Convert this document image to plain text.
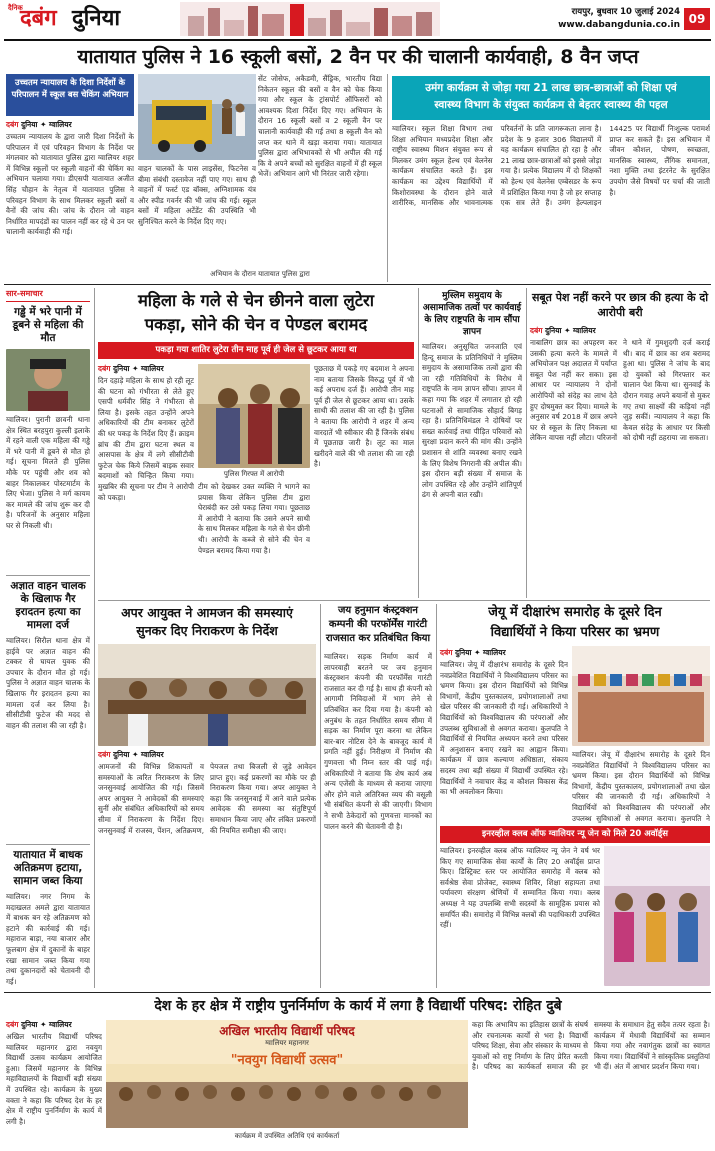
दैनिक
दबंग दुनिया	रायपुर, बुधवार 10 जुलाई 2024
www.dabangdunia.co.in 09
यातायात पुलिस ने 16 स्कूली बसों, 2 वैन पर की चालानी कार्यवाही, 8 वैन जप्त
उच्चतम न्यायालय के दिशा निर्देशों के परिपालन में स्कूल बस चेकिंग अभियान
दबंग दुनिया ✦ ग्वालियर
उच्चतम न्यायालय के द्वारा जारी दिशा निर्देशों के परिपालन में एवं परिवहन विभाग के निर्देश पर मंगलवार को यातायात पुलिस द्वारा ग्वालियर शहर में विभिन्न स्कूलों पर स्कूली वाहनों की चेकिंग का अभियान चलाया गया। डीएसपी यातायात अजीत सिंह चौहान के नेतृत्व में यातायात पुलिस ने परिवहन विभाग के साथ मिलकर स्कूली बसों व वैनों की जांच की। जांच के दौरान जो वाहन निर्धारित मापदंडों का पालन नहीं कर रहे थे उन पर चालानी कार्यवाही की गई।
सेंट जोसेफ, अकैडमी, सैंड्रिक, भारतीय विद्या निकेतन स्कूल की बसों व वैन को चेक किया गया और स्कूल के ट्रांसपोर्ट ऑफिसरों को आवश्यक दिशा निर्देश दिए गए। अभियान के दौरान 16 स्कूली बसों व 2 स्कूली वैन पर चालानी कार्यवाही की गई तथा 8 स्कूली वैन को जप्त कर थाने में खड़ा कराया गया। यातायात पुलिस द्वारा अभिभावकों से भी अपील की गई कि वे अपने बच्चों को सुरक्षित वाहनों में ही स्कूल भेजें। अभियान आगे भी निरंतर जारी रहेगा।
वाहन चालकों के पास लाइसेंस, फिटनेस व बीमा संबंधी दस्तावेज नहीं पाए गए। साथ ही वाहनों में फर्स्ट एड बॉक्स, अग्निशामक यंत्र और स्पीड गवर्नर की भी जांच की गई। स्कूल बसों में महिला अटेंडेंट की उपस्थिति भी सुनिश्चित करने के निर्देश दिए गए।
अभियान के दौरान यातायात पुलिस द्वारा
उमंग कार्यक्रम से जोड़ा गया 21 लाख छात्र-छात्राओं को शिक्षा एवं
स्वास्थ्य विभाग के संयुक्त कार्यक्रम से बेहतर स्वास्थ्य की पहल
ग्वालियर। स्कूल शिक्षा विभाग तथा शिक्षा अभियान मध्यप्रदेश शिक्षा और राष्ट्रीय स्वास्थ्य मिशन संयुक्त रूप से मिलकर उमंग स्कूल हेल्थ एवं वेलनेस कार्यक्रम संचालित करते हैं। इस कार्यक्रम का उद्देश्य विद्यार्थियों में किशोरावस्था के दौरान होने वाले शारीरिक, मानसिक और भावनात्मक परिवर्तनों के प्रति जागरूकता लाना है। प्रदेश के 9 हजार 306 विद्यालयों में यह कार्यक्रम संचालित हो रहा है और 21 लाख छात्र-छात्राओं को इससे जोड़ा गया है। प्रत्येक विद्यालय में दो शिक्षकों को हेल्थ एवं वेलनेस एम्बेसडर के रूप में प्रशिक्षित किया गया है जो हर सप्ताह एक सत्र लेते हैं। उमंग हेल्पलाइन 14425 पर विद्यार्थी निःशुल्क परामर्श प्राप्त कर सकते हैं। इस अभियान में जीवन कौशल, पोषण, स्वच्छता, मानसिक स्वास्थ्य, लैंगिक समानता, नशा मुक्ति तथा इंटरनेट के सुरक्षित उपयोग जैसे विषयों पर चर्चा की जाती है।
सार-समाचार
गड्ढे में भरे पानी में डूबने से महिला की मौत
ग्वालियर। पुरानी छावनी थाना क्षेत्र स्थित बरहपुरा कुल्ली इलाके में रहने वाली एक महिला की गड्ढे में भरे पानी में डूबने से मौत हो गई। सूचना मिलते ही पुलिस मौके पर पहुंची और शव को बाहर निकालकर पोस्टमार्टम के लिए भेजा। पुलिस ने मर्ग कायम कर मामले की जांच शुरू कर दी है। परिजनों के अनुसार महिला घर से निकली थी।
अज्ञात वाहन चालक के खिलाफ गैर इरादतन हत्या का मामला दर्ज
ग्वालियर। सिरौल थाना क्षेत्र में हाईवे पर अज्ञात वाहन की टक्कर से घायल युवक की उपचार के दौरान मौत हो गई। पुलिस ने अज्ञात वाहन चालक के खिलाफ गैर इरादतन हत्या का मामला दर्ज कर लिया है। सीसीटीवी फुटेज की मदद से वाहन की तलाश की जा रही है।
यातायात में बाधक अतिक्रमण हटाया, सामान जब्त किया
ग्वालियर। नगर निगम के मदाखलत अमले द्वारा यातायात में बाधक बन रहे अतिक्रमण को हटाने की कार्रवाई की गई। महाराज बाड़ा, नया बाजार और फूलबाग क्षेत्र में दुकानों के बाहर रखा सामान जब्त किया गया तथा दुकानदारों को चेतावनी दी गई।
महिला के गले से चेन छीनने वाला लुटेरा
पकड़ा, सोने की चेन व पेण्डल बरामद
पकड़ा गया शातिर लुटेरा तीन माह पूर्व ही जेल से छूटकर आया था
दबंग दुनिया ✦ ग्वालियर
दिन दहाड़े महिला के साथ हो रही लूट की घटना को गंभीरता से लेते हुए एसपी धर्मवीर सिंह ने गंभीरता से लिया है। इसके तहत उन्होंने अपने अधिकारियों की टीम बनाकर लुटेरों की धर पकड़ के निर्देश दिए हैं। क्राइम ब्रांच की टीम द्वारा घटना स्थल व आसपास के क्षेत्र में लगे सीसीटीवी फुटेज चेक किये जिसमें बाइक सवार बदमाशों को चिन्हित किया गया। मुखबिर की सूचना पर टीम ने आरोपी को पकड़ा।
पुलिस गिरफ्त में आरोपी
टीम को देखकर उक्त व्यक्ति ने भागने का प्रयास किया लेकिन पुलिस टीम द्वारा घेराबंदी कर उसे पकड़ लिया गया। पूछताछ में आरोपी ने बताया कि उसने अपने साथी के साथ मिलकर महिला के गले से चेन छीनी थी। आरोपी के कब्जे से सोने की चेन व पेण्डल बरामद किया गया है।
पूछताछ में पकड़े गए बदमाश ने अपना नाम बताया जिसके विरुद्ध पूर्व में भी कई अपराध दर्ज हैं। आरोपी तीन माह पूर्व ही जेल से छूटकर आया था। उसके साथी की तलाश की जा रही है। पुलिस ने बताया कि आरोपी ने शहर में अन्य वारदातें भी स्वीकार की हैं जिनके संबंध में पूछताछ जारी है। लूट का माल खरीदने वाले की भी तलाश की जा रही है।
मुस्लिम समुदाय के असामाजिक तत्वों पर कार्यवाई के लिए राष्ट्रपति के नाम सौंपा ज्ञापन
ग्वालियर। अनुसूचित जनजाति एवं हिन्दू समाज के प्रतिनिधियों ने मुस्लिम समुदाय के असामाजिक तत्वों द्वारा की जा रही गतिविधियों के विरोध में राष्ट्रपति के नाम ज्ञापन सौंपा। ज्ञापन में कहा गया कि शहर में लगातार हो रही घटनाओं से सामाजिक सौहार्द बिगड़ रहा है। प्रतिनिधिमंडल ने दोषियों पर सख्त कार्रवाई तथा पीड़ित परिवारों को सुरक्षा प्रदान करने की मांग की। उन्होंने प्रशासन से शांति व्यवस्था बनाए रखने के लिए विशेष निगरानी की अपील की। इस दौरान बड़ी संख्या में समाज के लोग उपस्थित रहे और उन्होंने शांतिपूर्ण ढंग से अपनी बात रखी।
सबूत पेश नहीं करने पर छात्र की हत्या के दो आरोपी बरी
दबंग दुनिया ✦ ग्वालियर
नाबालिग छात्र का अपहरण कर उसकी हत्या करने के मामले में अभियोजन पक्ष अदालत में पर्याप्त सबूत पेश नहीं कर सका। इस आधार पर न्यायालय ने दोनों आरोपियों को संदेह का लाभ देते हुए दोषमुक्त कर दिया। मामले के अनुसार वर्ष 2018 में छात्र अपने घर से स्कूल के लिए निकला था लेकिन वापस नहीं लौटा। परिजनों ने थाने में गुमशुदगी दर्ज कराई थी। बाद में छात्र का शव बरामद हुआ था। पुलिस ने जांच के बाद दो युवकों को गिरफ्तार कर चालान पेश किया था। सुनवाई के दौरान गवाह अपने बयानों से मुकर गए तथा साक्ष्यों की कड़ियां नहीं जुड़ सकीं। न्यायालय ने कहा कि केवल संदेह के आधार पर किसी को दोषी नहीं ठहराया जा सकता।
अपर आयुक्त ने आमजन की समस्याएं
सुनकर दिए निराकरण के निर्देश
दबंग दुनिया ✦ ग्वालियर
आमजनों की विभिन्न शिकायतों व समस्याओं के त्वरित निराकरण के लिए जनसुनवाई आयोजित की गई। जिसमें अपर आयुक्त ने आवेदकों की समस्याएं सुनीं और संबंधित अधिकारियों को समय सीमा में निराकरण के निर्देश दिए। जनसुनवाई में राजस्व, पेंशन, अतिक्रमण, पेयजल तथा बिजली से जुड़े आवेदन प्राप्त हुए। कई प्रकरणों का मौके पर ही निराकरण किया गया। अपर आयुक्त ने कहा कि जनसुनवाई में आने वाले प्रत्येक आवेदक की समस्या का संतुष्टिपूर्ण समाधान किया जाए और लंबित प्रकरणों की नियमित समीक्षा की जाए।
जय हनुमान कंस्ट्रक्शन
कम्पनी की परफॉर्मेंस गारंटी
राजसात कर प्रतिबंधित किया
ग्वालियर। सड़क निर्माण कार्य में लापरवाही बरतने पर जय हनुमान कंस्ट्रक्शन कंपनी की परफॉर्मेंस गारंटी राजसात कर दी गई है। साथ ही कंपनी को आगामी निविदाओं में भाग लेने से प्रतिबंधित कर दिया गया है। कंपनी को अनुबंध के तहत निर्धारित समय सीमा में सड़क का निर्माण पूरा करना था लेकिन बार-बार नोटिस देने के बावजूद कार्य में प्रगति नहीं हुई। निरीक्षण में निर्माण की गुणवत्ता भी निम्न स्तर की पाई गई। अधिकारियों ने बताया कि शेष कार्य अब अन्य एजेंसी के माध्यम से कराया जाएगा और होने वाले अतिरिक्त व्यय की वसूली भी संबंधित कंपनी से की जाएगी। विभाग ने सभी ठेकेदारों को गुणवत्ता मानकों का पालन करने की चेतावनी दी है।
जेयू में दीक्षारंभ समारोह के दूसरे दिन
विद्यार्थियों ने किया परिसर का भ्रमण
दबंग दुनिया ✦ ग्वालियर
ग्वालियर। जेयू में दीक्षारंभ समारोह के दूसरे दिन नवप्रवेशित विद्यार्थियों ने विश्वविद्यालय परिसर का भ्रमण किया। इस दौरान विद्यार्थियों को विभिन्न विभागों, केंद्रीय पुस्तकालय, प्रयोगशालाओं तथा खेल परिसर की जानकारी दी गई। अधिकारियों ने विद्यार्थियों को विश्वविद्यालय की परंपराओं और उपलब्ध सुविधाओं से अवगत कराया। कुलपति ने विद्यार्थियों से नियमित अध्ययन करने तथा परिसर में अनुशासन बनाए रखने का आह्वान किया। कार्यक्रम में छात्र कल्याण अधिष्ठाता, संकाय सदस्य तथा बड़ी संख्या में विद्यार्थी उपस्थित रहे। विद्यार्थियों ने नवाचार केंद्र व कौशल विकास केंद्र का भी अवलोकन किया।
ग्वालियर। जेयू में दीक्षारंभ समारोह के दूसरे दिन नवप्रवेशित विद्यार्थियों ने विश्वविद्यालय परिसर का भ्रमण किया। इस दौरान विद्यार्थियों को विभिन्न विभागों, केंद्रीय पुस्तकालय, प्रयोगशालाओं तथा खेल परिसर की जानकारी दी गई। अधिकारियों ने विद्यार्थियों को विश्वविद्यालय की परंपराओं और उपलब्ध सुविधाओं से अवगत कराया। कुलपति ने
इनरव्हील क्लब ऑफ ग्वालियर न्यू जेन को मिले 20 अवॉर्ड्स
ग्वालियर। इनरव्हील क्लब ऑफ ग्वालियर न्यू जेन ने वर्ष भर किए गए सामाजिक सेवा कार्यों के लिए 20 अवॉर्ड्स प्राप्त किए। डिस्ट्रिक्ट स्तर पर आयोजित समारोह में क्लब को सर्वश्रेष्ठ सेवा प्रोजेक्ट, स्वास्थ्य शिविर, शिक्षा सहायता तथा पर्यावरण संरक्षण श्रेणियों में सम्मानित किया गया। क्लब अध्यक्ष ने यह उपलब्धि सभी सदस्यों के सामूहिक प्रयास को समर्पित की। समारोह में विभिन्न क्लबों की पदाधिकारी उपस्थित रहीं।
देश के हर क्षेत्र में राष्ट्रीय पुनर्निर्माण के कार्य में लगा है विद्यार्थी परिषद: रोहित दुबे
दबंग दुनिया ✦ ग्वालियर
अखिल भारतीय विद्यार्थी परिषद ग्वालियर महानगर द्वारा नवयुग विद्यार्थी उत्सव कार्यक्रम आयोजित हुआ। जिसमें महानगर के विभिन्न महाविद्यालयों के विद्यार्थी बड़ी संख्या में उपस्थित रहे। कार्यक्रम के मुख्य वक्ता ने कहा कि परिषद देश के हर क्षेत्र में राष्ट्रीय पुनर्निर्माण के कार्य में लगी है।
अखिल भारतीय विद्यार्थी परिषद
ग्वालियर महानगर
"नवयुग विद्यार्थी उत्सव"
कार्यक्रम में उपस्थित अतिथि एवं कार्यकर्ता
कहा कि अभाविप का इतिहास छात्रों के संघर्ष और रचनात्मक कार्यों से भरा है। विद्यार्थी परिषद शिक्षा, सेवा और संस्कार के माध्यम से युवाओं को राष्ट्र निर्माण के लिए प्रेरित करती है। परिषद का कार्यकर्ता समाज की हर समस्या के समाधान हेतु सदैव तत्पर रहता है। कार्यक्रम में मेधावी विद्यार्थियों का सम्मान किया गया और नवागंतुक छात्रों का स्वागत किया गया। विद्यार्थियों ने सांस्कृतिक प्रस्तुतियां भी दीं। अंत में आभार प्रदर्शन किया गया।
